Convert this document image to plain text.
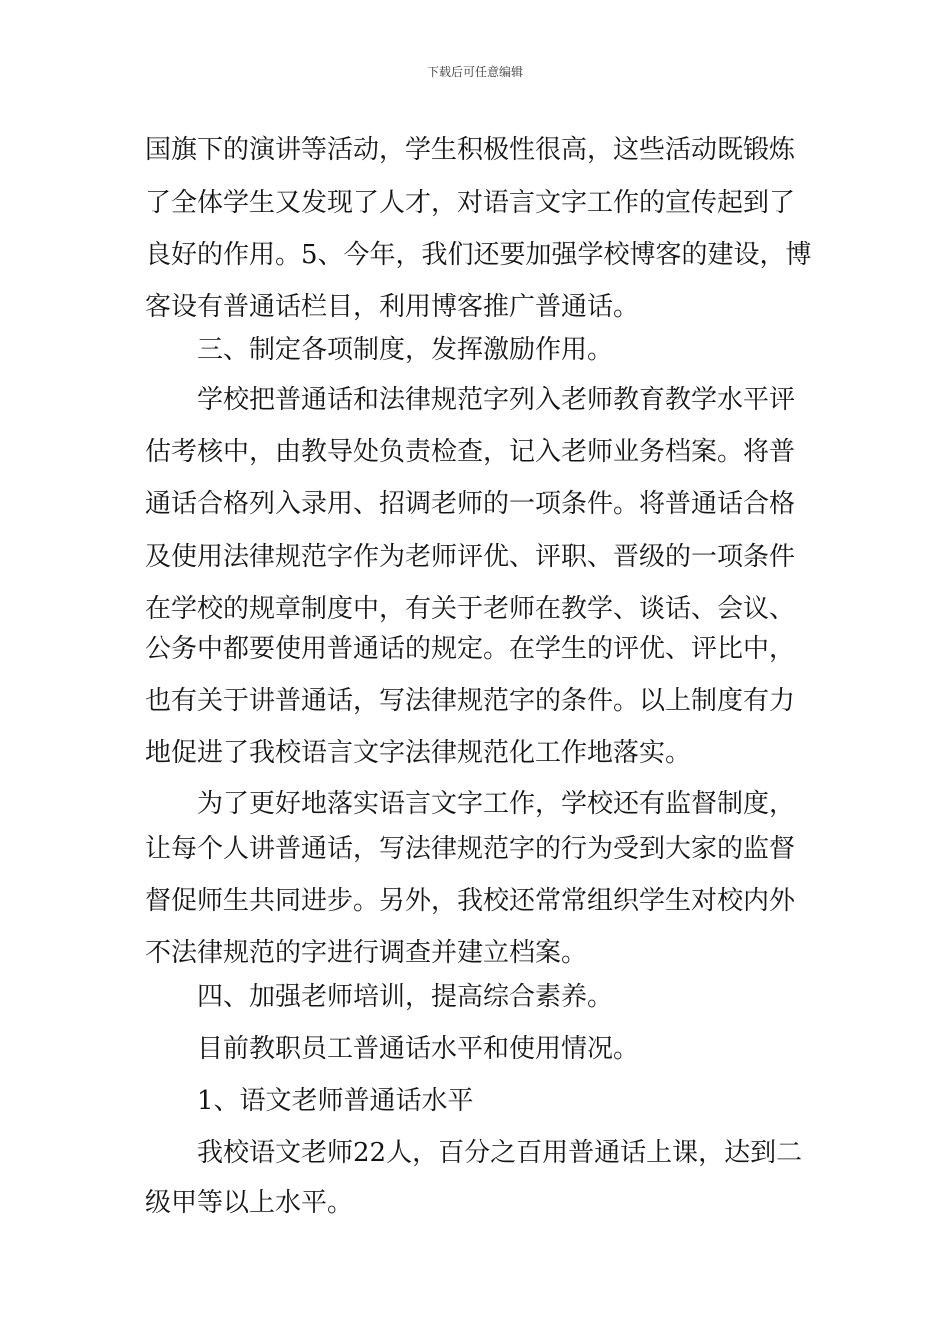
下载后可任意编辑
国旗下的演讲等活动，学生积极性很高，这些活动既锻炼
了全体学生又发现了人才，对语言文字工作的宣传起到了
良好的作用。5、今年，我们还要加强学校博客的建设，博
客设有普通话栏目，利用博客推广普通话。
　　三、制定各项制度，发挥激励作用。
　　学校把普通话和法律规范字列入老师教育教学水平评
估考核中，由教导处负责检查，记入老师业务档案。将普
通话合格列入录用、招调老师的一项条件。将普通话合格
及使用法律规范字作为老师评优、评职、晋级的一项条件
在学校的规章制度中，有关于老师在教学、谈话、会议、
公务中都要使用普通话的规定。在学生的评优、评比中，
也有关于讲普通话，写法律规范字的条件。以上制度有力
地促进了我校语言文字法律规范化工作地落实。
　　为了更好地落实语言文字工作，学校还有监督制度，
让每个人讲普通话，写法律规范字的行为受到大家的监督
督促师生共同进步。另外，我校还常常组织学生对校内外
不法律规范的字进行调查并建立档案。
　　四、加强老师培训，提高综合素养。
　　目前教职员工普通话水平和使用情况。
　　1、语文老师普通话水平
　　我校语文老师22人，百分之百用普通话上课，达到二
级甲等以上水平。
